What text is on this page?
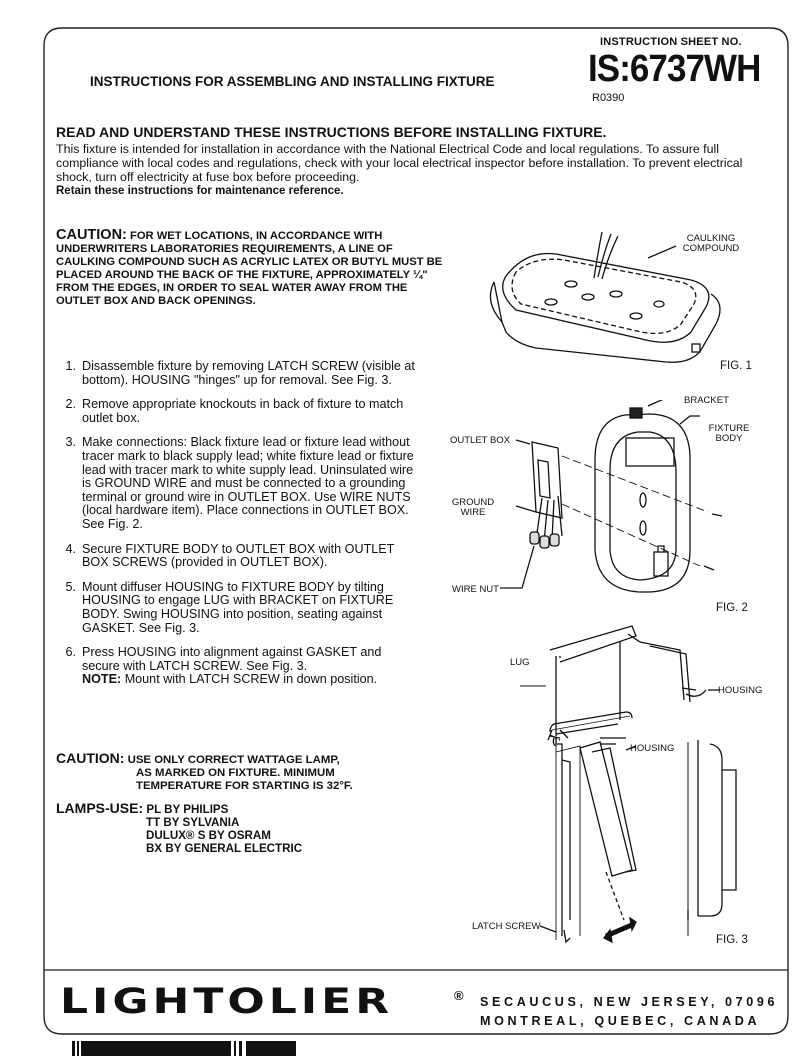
INSTRUCTION SHEET NO.
IS:6737WH
R0390
INSTRUCTIONS FOR ASSEMBLING AND INSTALLING FIXTURE
READ AND UNDERSTAND THESE INSTRUCTIONS BEFORE INSTALLING FIXTURE.
This fixture is intended for installation in accordance with the National Electrical Code and local regulations. To assure full compliance with local codes and regulations, check with your local electrical inspector before installation. To prevent electrical shock, turn off electricity at fuse box before proceeding.
Retain these instructions for maintenance reference.
CAUTION: FOR WET LOCATIONS, IN ACCORDANCE WITH UNDERWRITERS LABORATORIES REQUIREMENTS, A LINE OF CAULKING COMPOUND SUCH AS ACRYLIC LATEX OR BUTYL MUST BE PLACED AROUND THE BACK OF THE FIXTURE, APPROXIMATELY ¼" FROM THE EDGES, IN ORDER TO SEAL WATER AWAY FROM THE OUTLET BOX AND BACK OPENINGS.
1. Disassemble fixture by removing LATCH SCREW (visible at bottom). HOUSING "hinges" up for removal. See Fig. 3.
2. Remove appropriate knockouts in back of fixture to match outlet box.
3. Make connections: Black fixture lead or fixture lead without tracer mark to black supply lead; white fixture lead or fixture lead with tracer mark to white supply lead. Uninsulated wire is GROUND WIRE and must be connected to a grounding terminal or ground wire in OUTLET BOX. Use WIRE NUTS (local hardware item). Place connections in OUTLET BOX. See Fig. 2.
4. Secure FIXTURE BODY to OUTLET BOX with OUTLET BOX SCREWS (provided in OUTLET BOX).
5. Mount diffuser HOUSING to FIXTURE BODY by tilting HOUSING to engage LUG with BRACKET on FIXTURE BODY. Swing HOUSING into position, seating against GASKET. See Fig. 3.
6. Press HOUSING into alignment against GASKET and secure with LATCH SCREW. See Fig. 3.
NOTE: Mount with LATCH SCREW in down position.
CAUTION: USE ONLY CORRECT WATTAGE LAMP,
AS MARKED ON FIXTURE. MINIMUM
TEMPERATURE FOR STARTING IS 32°F.
LAMPS-USE: PL BY PHILIPS
TT BY SYLVANIA
DULUX® S BY OSRAM
BX BY GENERAL ELECTRIC
CAULKING COMPOUND
FIG. 1
BRACKET
FIXTURE BODY
OUTLET BOX
GROUND WIRE
WIRE NUT
FIG. 2
LUG
HOUSING
HOUSING
LATCH SCREW
FIG. 3
LIGHTOLIER	® SECAUCUS, NEW JERSEY, 07096
MONTREAL, QUEBEC, CANADA
